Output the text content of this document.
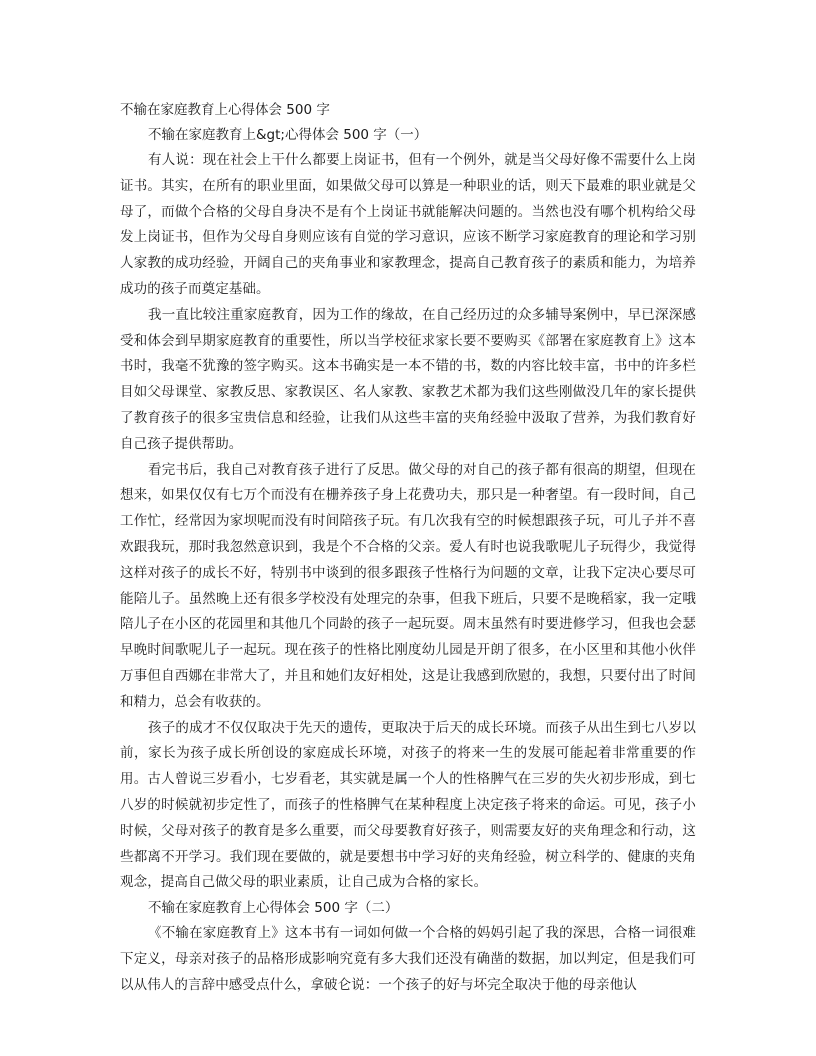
不输在家庭教育上心得体会 500 字

不输在家庭教育上&gt;心得体会 500 字（一）

有人说：现在社会上干什么都要上岗证书，但有一个例外，就是当父母好像不需要什么上岗证书。其实，在所有的职业里面，如果做父母可以算是一种职业的话，则天下最难的职业就是父母了，而做个合格的父母自身决不是有个上岗证书就能解决问题的。当然也没有哪个机构给父母发上岗证书，但作为父母自身则应该有自觉的学习意识，应该不断学习家庭教育的理论和学习别人家教的成功经验，开阔自己的夹角事业和家教理念，提高自己教育孩子的素质和能力，为培养成功的孩子而奠定基础。

我一直比较注重家庭教育，因为工作的缘故，在自己经历过的众多辅导案例中，早已深深感受和体会到早期家庭教育的重要性，所以当学校征求家长要不要购买《部署在家庭教育上》这本书时，我毫不犹豫的签字购买。这本书确实是一本不错的书，数的内容比较丰富，书中的许多栏目如父母课堂、家教反思、家教误区、名人家教、家教艺术都为我们这些刚做没几年的家长提供了教育孩子的很多宝贵信息和经验，让我们从这些丰富的夹角经验中汲取了营养，为我们教育好自己孩子提供帮助。

看完书后，我自己对教育孩子进行了反思。做父母的对自己的孩子都有很高的期望，但现在想来，如果仅仅有七万个而没有在栅养孩子身上花费功夫，那只是一种奢望。有一段时间，自己工作忙，经常因为家坝呢而没有时间陪孩子玩。有几次我有空的时候想跟孩子玩，可儿子并不喜欢跟我玩，那时我忽然意识到，我是个不合格的父亲。爱人有时也说我歌呢儿子玩得少，我觉得这样对孩子的成长不好，特别书中谈到的很多跟孩子性格行为问题的文章，让我下定决心要尽可能陪儿子。虽然晚上还有很多学校没有处理完的杂事，但我下班后，只要不是晚稻家，我一定哦陪儿子在小区的花园里和其他几个同龄的孩子一起玩耍。周末虽然有时要进修学习，但我也会瑟早晚时间歌呢儿子一起玩。现在孩子的性格比刚度幼儿园是开朗了很多，在小区里和其他小伙伴万事但自西娜在非常大了，并且和她们友好相处，这是让我感到欣慰的，我想，只要付出了时间和精力，总会有收获的。

孩子的成才不仅仅取决于先天的遗传，更取决于后天的成长环境。而孩子从出生到七八岁以前，家长为孩子成长所创设的家庭成长环境，对孩子的将来一生的发展可能起着非常重要的作用。古人曾说三岁看小，七岁看老，其实就是属一个人的性格脾气在三岁的失火初步形成，到七八岁的时候就初步定性了，而孩子的性格脾气在某种程度上决定孩子将来的命运。可见，孩子小时候，父母对孩子的教育是多么重要，而父母要教育好孩子，则需要友好的夹角理念和行动，这些都离不开学习。我们现在要做的，就是要想书中学习好的夹角经验，树立科学的、健康的夹角观念，提高自己做父母的职业素质，让自己成为合格的家长。

不输在家庭教育上心得体会 500 字（二）

《不输在家庭教育上》这本书有一词如何做一个合格的妈妈引起了我的深思，合格一词很难下定义，母亲对孩子的品格形成影响究竟有多大我们还没有确凿的数据，加以判定，但是我们可以从伟人的言辞中感受点什么，拿破仑说：一个孩子的好与坏完全取决于他的母亲他认
